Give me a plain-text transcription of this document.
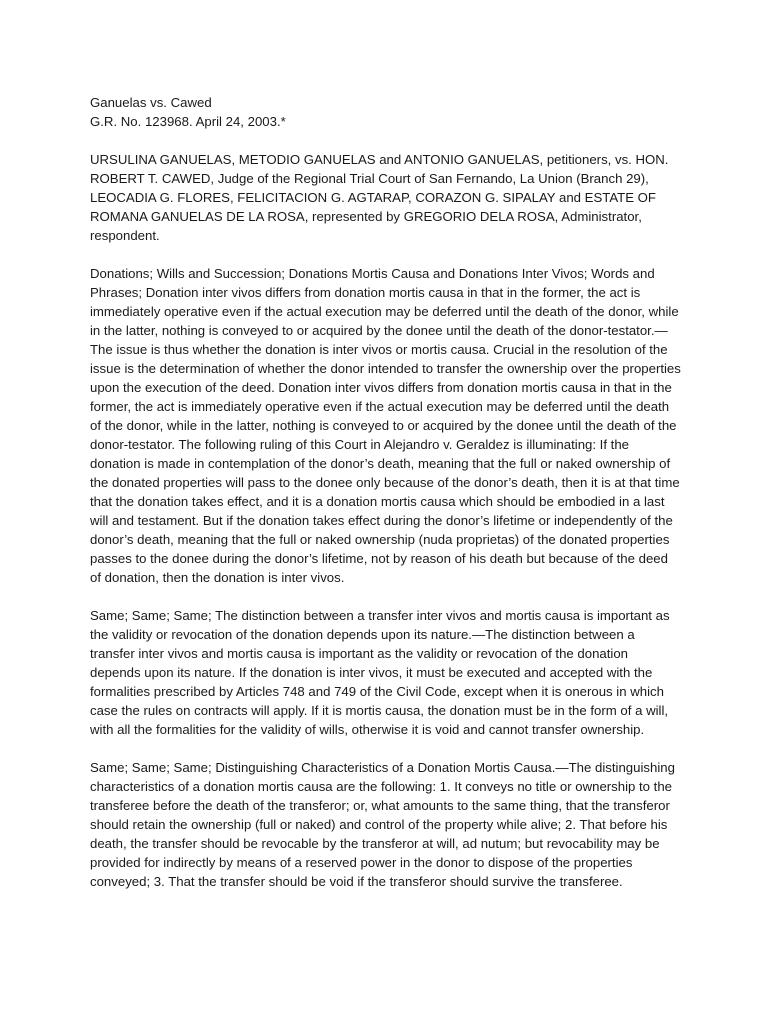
Ganuelas vs. Cawed
G.R. No. 123968. April 24, 2003.*

URSULINA GANUELAS, METODIO GANUELAS and ANTONIO GANUELAS, petitioners, vs. HON. ROBERT T. CAWED, Judge of the Regional Trial Court of San Fernando, La Union (Branch 29), LEOCADIA G. FLORES, FELICITACION G. AGTARAP, CORAZON G. SIPALAY and ESTATE OF ROMANA GANUELAS DE LA ROSA, represented by GREGORIO DELA ROSA, Administrator, respondent.

Donations; Wills and Succession; Donations Mortis Causa and Donations Inter Vivos; Words and Phrases; Donation inter vivos differs from donation mortis causa in that in the former, the act is immediately operative even if the actual execution may be deferred until the death of the donor, while in the latter, nothing is conveyed to or acquired by the donee until the death of the donor-testator.—The issue is thus whether the donation is inter vivos or mortis causa. Crucial in the resolution of the issue is the determination of whether the donor intended to transfer the ownership over the properties upon the execution of the deed. Donation inter vivos differs from donation mortis causa in that in the former, the act is immediately operative even if the actual execution may be deferred until the death of the donor, while in the latter, nothing is conveyed to or acquired by the donee until the death of the donor-testator. The following ruling of this Court in Alejandro v. Geraldez is illuminating: If the donation is made in contemplation of the donor’s death, meaning that the full or naked ownership of the donated properties will pass to the donee only because of the donor’s death, then it is at that time that the donation takes effect, and it is a donation mortis causa which should be embodied in a last will and testament. But if the donation takes effect during the donor’s lifetime or independently of the donor’s death, meaning that the full or naked ownership (nuda proprietas) of the donated properties passes to the donee during the donor’s lifetime, not by reason of his death but because of the deed of donation, then the donation is inter vivos.

Same; Same; Same; The distinction between a transfer inter vivos and mortis causa is important as the validity or revocation of the donation depends upon its nature.—The distinction between a transfer inter vivos and mortis causa is important as the validity or revocation of the donation depends upon its nature. If the donation is inter vivos, it must be executed and accepted with the formalities prescribed by Articles 748 and 749 of the Civil Code, except when it is onerous in which case the rules on contracts will apply. If it is mortis causa, the donation must be in the form of a will, with all the formalities for the validity of wills, otherwise it is void and cannot transfer ownership.

Same; Same; Same; Distinguishing Characteristics of a Donation Mortis Causa.—The distinguishing characteristics of a donation mortis causa are the following: 1. It conveys no title or ownership to the transferee before the death of the transferor; or, what amounts to the same thing, that the transferor should retain the ownership (full or naked) and control of the property while alive; 2. That before his death, the transfer should be revocable by the transferor at will, ad nutum; but revocability may be provided for indirectly by means of a reserved power in the donor to dispose of the properties conveyed; 3. That the transfer should be void if the transferor should survive the transferee.
